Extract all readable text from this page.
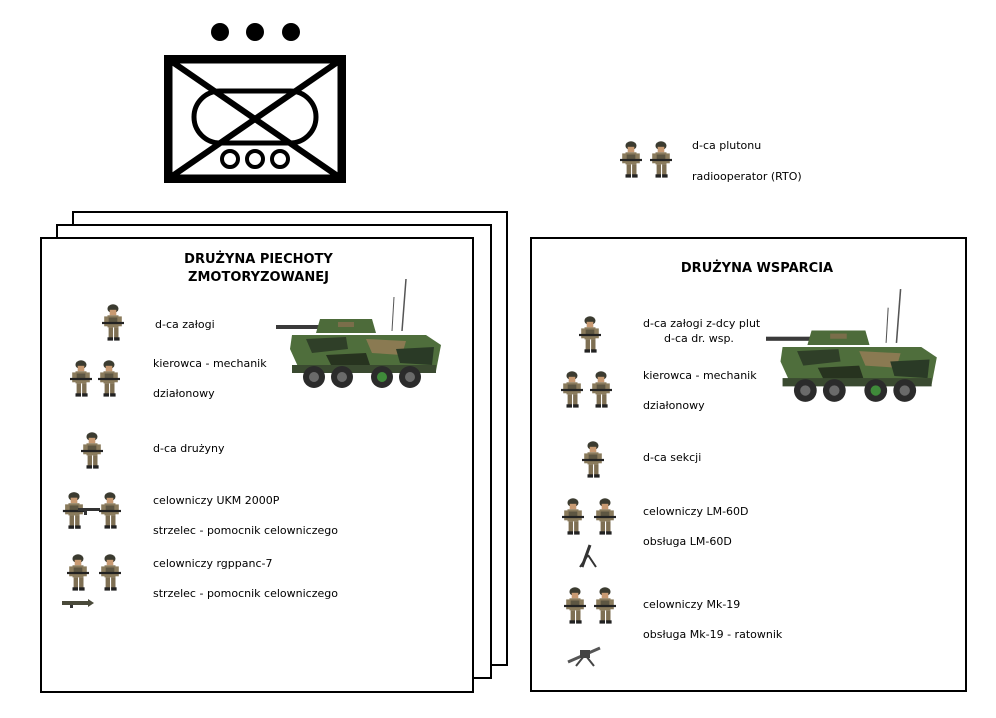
d-ca plutonu
radiooperator (RTO)
DRUŻYNA PIECHOTY
ZMOTORYZOWANEJ
d-ca załogi
kierowca - mechanik
działonowy
d-ca drużyny
celowniczy UKM 2000P
strzelec - pomocnik celowniczego
celowniczy rgppanc-7
strzelec - pomocnik celowniczego
DRUŻYNA WSPARCIA
d-ca załogi z-dcy plut
d-ca dr. wsp.
kierowca - mechanik
działonowy
d-ca sekcji
celowniczy LM-60D
obsługa LM-60D
celowniczy Mk-19
obsługa Mk-19 - ratownik
